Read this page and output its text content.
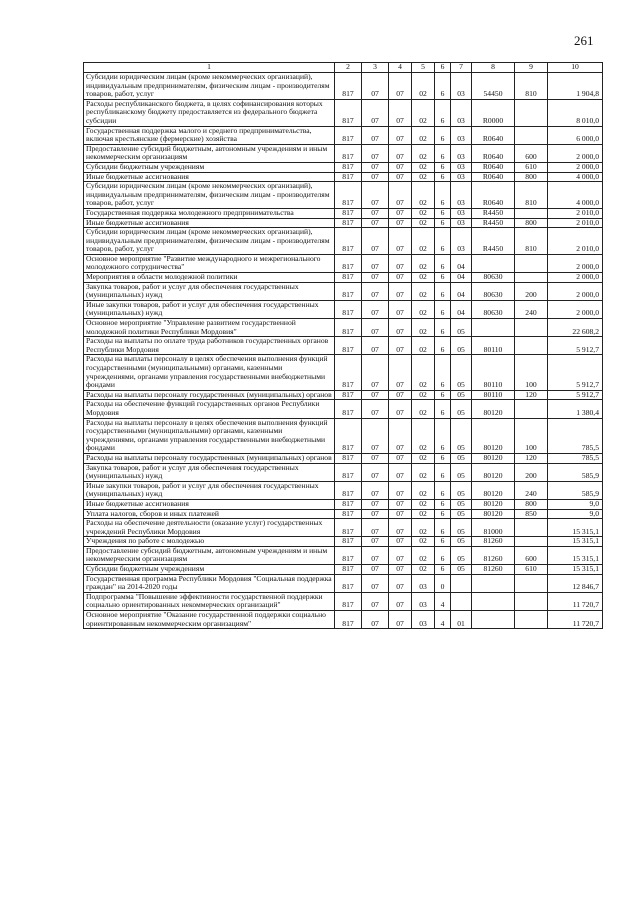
261
1	2	3	4	5	6	7	8	9	10
Субсидии юридическим лицам (кроме некоммерческих организаций), индивидуальным предпринимателям, физическим лицам - производителям товаров, работ, услуг	817	07	07	02	6	03	54450	810	1 904,8
Расходы республиканского бюджета, в целях софинансирования которых республиканскому бюджету предоставляется из федерального бюджета субсидии	817	07	07	02	6	03	R0000		8 010,0
Государственная поддержка малого и среднего предпринимательства, включая крестьянские (фермерские) хозяйства	817	07	07	02	6	03	R0640		6 000,0
Предоставление субсидий бюджетным, автономным учреждениям и иным некоммерческим организациям	817	07	07	02	6	03	R0640	600	2 000,0
Субсидии бюджетным учреждениям	817	07	07	02	6	03	R0640	610	2 000,0
Иные бюджетные ассигнования	817	07	07	02	6	03	R0640	800	4 000,0
Субсидии юридическим лицам (кроме некоммерческих организаций), индивидуальным предпринимателям, физическим лицам - производителям товаров, работ, услуг	817	07	07	02	6	03	R0640	810	4 000,0
Государственная поддержка молодежного предпринимательства	817	07	07	02	6	03	R4450		2 010,0
Иные бюджетные ассигнования	817	07	07	02	6	03	R4450	800	2 010,0
Субсидии юридическим лицам (кроме некоммерческих организаций), индивидуальным предпринимателям, физическим лицам - производителям товаров, работ, услуг	817	07	07	02	6	03	R4450	810	2 010,0
Основное мероприятие "Развитие международного и межрегионального молодежного сотрудничества"	817	07	07	02	6	04			2 000,0
Мероприятия в области молодежной политики	817	07	07	02	6	04	80630		2 000,0
Закупка товаров, работ и услуг для обеспечения государственных (муниципальных) нужд	817	07	07	02	6	04	80630	200	2 000,0
Иные закупки товаров, работ и услуг для обеспечения государственных (муниципальных) нужд	817	07	07	02	6	04	80630	240	2 000,0
Основное мероприятие "Управление развитием государственной молодежной политики Республики Мордовия"	817	07	07	02	6	05			22 608,2
Расходы на выплаты по оплате труда работников государственных органов Республики Мордовия	817	07	07	02	6	05	80110		5 912,7
Расходы на выплаты персоналу в целях обеспечения выполнения функций государственными (муниципальными) органами, казенными учреждениями, органами управления государственными внебюджетными фондами	817	07	07	02	6	05	80110	100	5 912,7
Расходы на выплаты персоналу государственных (муниципальных) органов	817	07	07	02	6	05	80110	120	5 912,7
Расходы на обеспечение функций государственных органов Республики Мордовия	817	07	07	02	6	05	80120		1 380,4
Расходы на выплаты персоналу в целях обеспечения выполнения функций государственными (муниципальными) органами, казенными учреждениями, органами управления государственными внебюджетными фондами	817	07	07	02	6	05	80120	100	785,5
Расходы на выплаты персоналу государственных (муниципальных) органов	817	07	07	02	6	05	80120	120	785,5
Закупка товаров, работ и услуг для обеспечения государственных (муниципальных) нужд	817	07	07	02	6	05	80120	200	585,9
Иные закупки товаров, работ и услуг для обеспечения государственных (муниципальных) нужд	817	07	07	02	6	05	80120	240	585,9
Иные бюджетные ассигнования	817	07	07	02	6	05	80120	800	9,0
Уплата налогов, сборов и иных платежей	817	07	07	02	6	05	80120	850	9,0
Расходы на обеспечение деятельности (оказание услуг) государственных учреждений Республики Мордовия	817	07	07	02	6	05	81000		15 315,1
Учреждения по работе с молодежью	817	07	07	02	6	05	81260		15 315,1
Предоставление субсидий бюджетным, автономным учреждениям и иным некоммерческим организациям	817	07	07	02	6	05	81260	600	15 315,1
Субсидии бюджетным учреждениям	817	07	07	02	6	05	81260	610	15 315,1
Государственная программа Республики Мордовия "Социальная поддержка граждан" на 2014-2020 годы	817	07	07	03	0				12 846,7
Подпрограмма "Повышение эффективности государственной поддержки социально ориентированных некоммерческих организаций"	817	07	07	03	4				11 720,7
Основное мероприятие "Оказание государственной поддержки социально ориентированным некоммерческим организациям"	817	07	07	03	4	01			11 720,7
